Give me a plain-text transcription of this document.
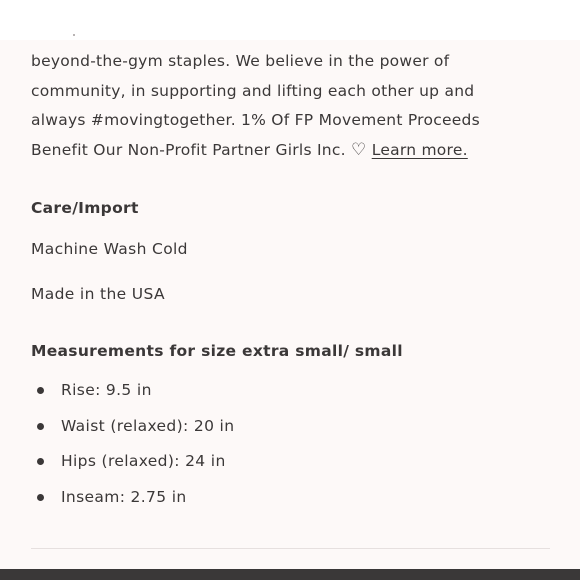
beyond-the-gym staples. We believe in the power of

community, in supporting and lifting each other up and

always #movingtogether. 1% Of FP Movement Proceeds

Benefit Our Non-Profit Partner Girls Inc. ♡ Learn more.

Care/Import
Machine Wash Cold
Made in the USA
Measurements for size extra small/ small
Rise: 9.5 in
Waist (relaxed): 20 in
Hips (relaxed): 24 in
Inseam: 2.75 in
